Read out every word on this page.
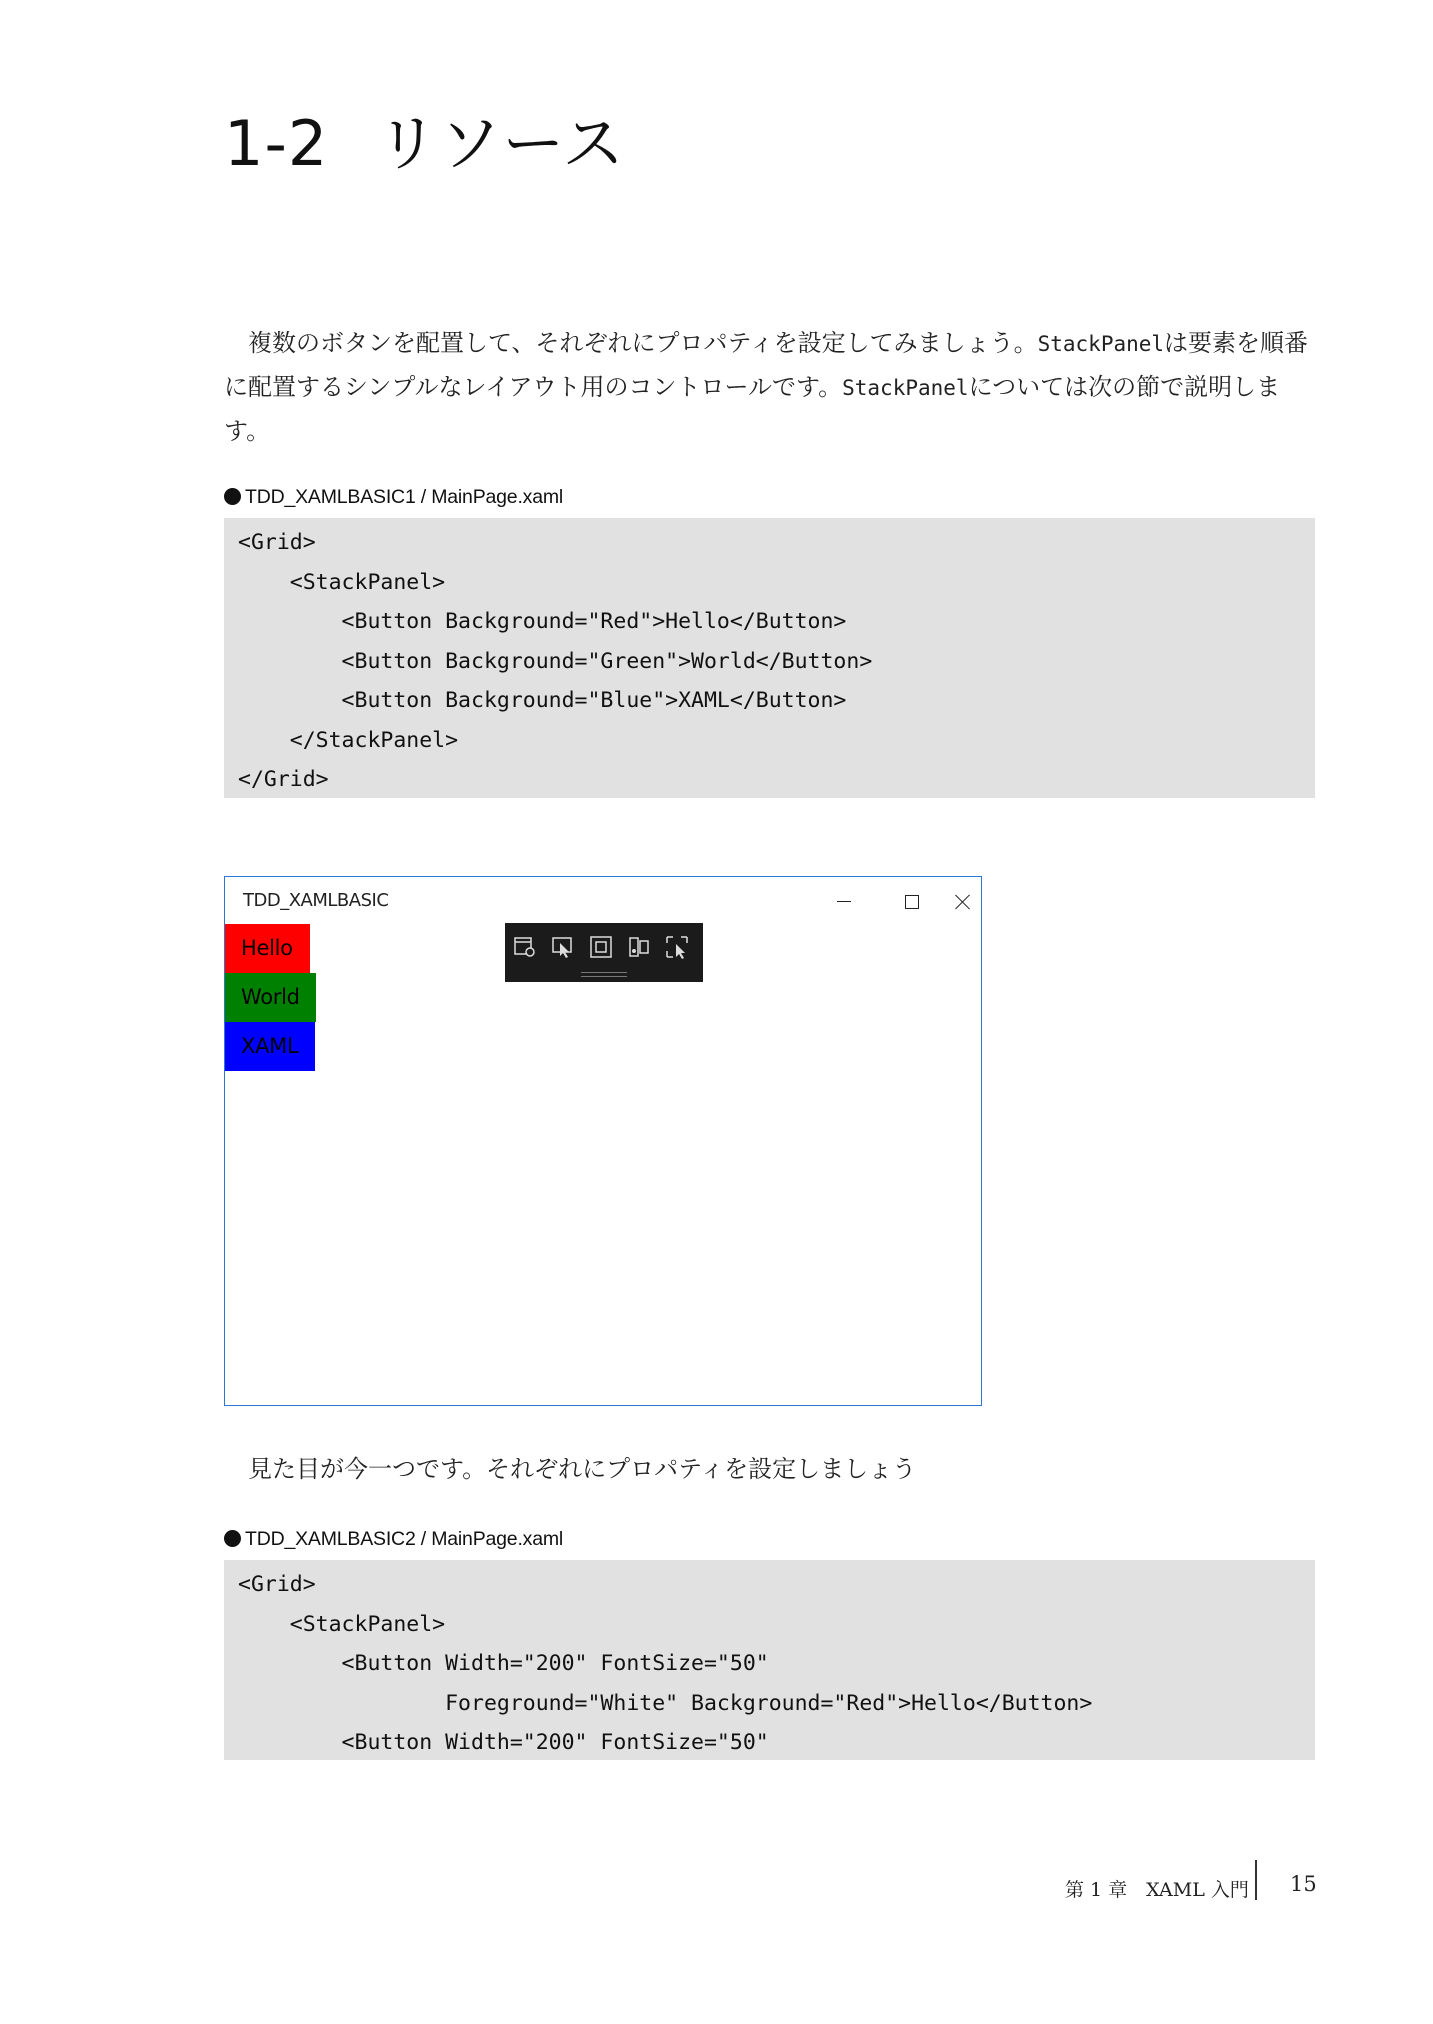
1-2 リソース

複数のボタンを配置して、それぞれにプロパティを設定してみましょう。StackPanelは要素を順番に配置するシンプルなレイアウト用のコントロールです。StackPanelについては次の節で説明します。

TDD_XAMLBASIC1 / MainPage.xaml
<Grid>
<StackPanel>
<Button Background="Red">Hello</Button>
<Button Background="Green">World</Button>
<Button Background="Blue">XAML</Button>
</StackPanel>
</Grid>
TDD_XAMLBASIC
Hello
World
XAML

見た目が今一つです。それぞれにプロパティを設定しましょう

TDD_XAMLBASIC2 / MainPage.xaml
<Grid>
<StackPanel>
<Button Width="200" FontSize="50"
Foreground="White" Background="Red">Hello</Button>
<Button Width="200" FontSize="50"
第 1 章　XAML 入門 15
